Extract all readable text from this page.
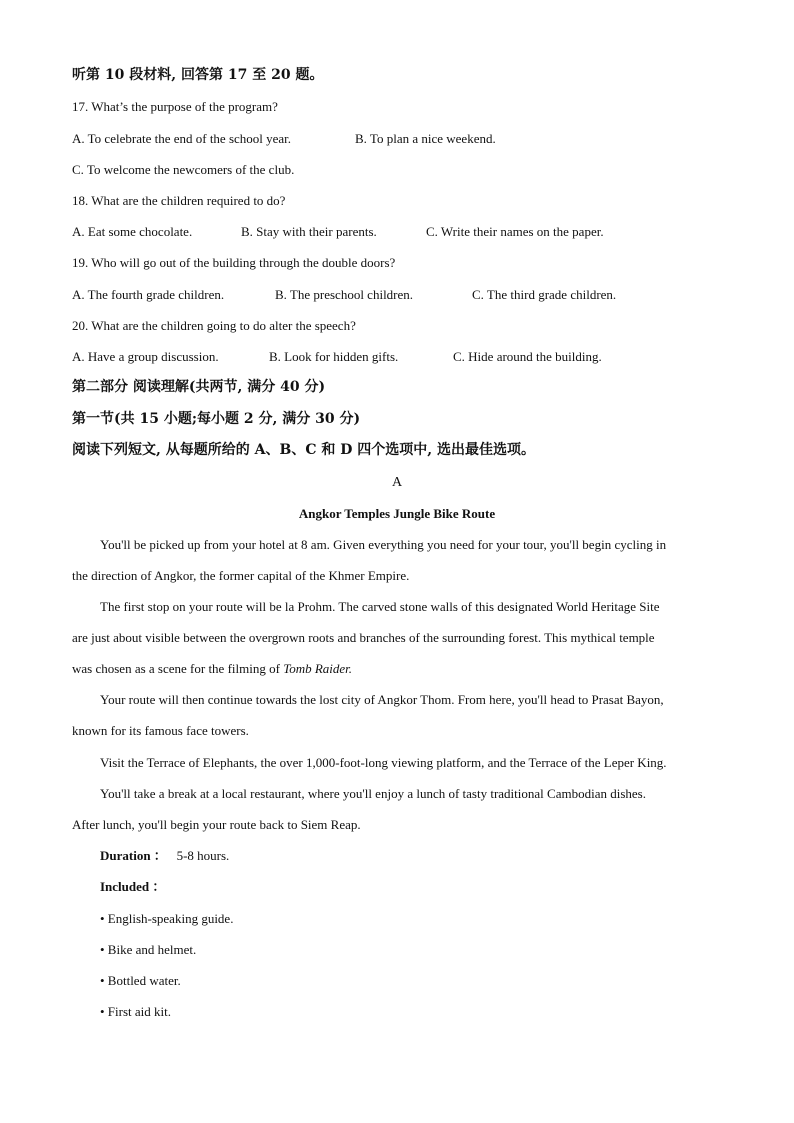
听第 10 段材料, 回答第 17 至 20 题。
17. What’s the purpose of the program?
A. To celebrate the end of the school year.	B. To plan a nice weekend.
C. To welcome the newcomers of the club.
18. What are the children required to do?
A. Eat some chocolate.	B. Stay with their parents.	C. Write their names on the paper.
19. Who will go out of the building through the double doors?
A. The fourth grade children.	B. The preschool children.	C. The third grade children.
20. What are the children going to do alter the speech?
A. Have a group discussion.	B. Look for hidden gifts.	C. Hide around the building.
第二部分 阅读理解(共两节, 满分 40 分)
第一节(共 15 小题;每小题 2 分, 满分 30 分)
阅读下列短文, 从每题所给的 A、B、C 和 D 四个选项中, 选出最佳选项。
A
Angkor Temples Jungle Bike Route
You'll be picked up from your hotel at 8 am. Given everything you need for your tour, you'll begin cycling in
the direction of Angkor, the former capital of the Khmer Empire.
The first stop on your route will be la Prohm. The carved stone walls of this designated World Heritage Site
are just about visible between the overgrown roots and branches of the surrounding forest. This mythical temple
was chosen as a scene for the filming of Tomb Raider.
Your route will then continue towards the lost city of Angkor Thom. From here, you'll head to Prasat Bayon,
known for its famous face towers.
Visit the Terrace of Elephants, the over 1,000-foot-long viewing platform, and the Terrace of the Leper King.
You'll take a break at a local restaurant, where you'll enjoy a lunch of tasty traditional Cambodian dishes.
After lunch, you'll begin your route back to Siem Reap.
Duration ： 5-8 hours.
Included ：
• English-speaking guide.
• Bike and helmet.
• Bottled water.
• First aid kit.
